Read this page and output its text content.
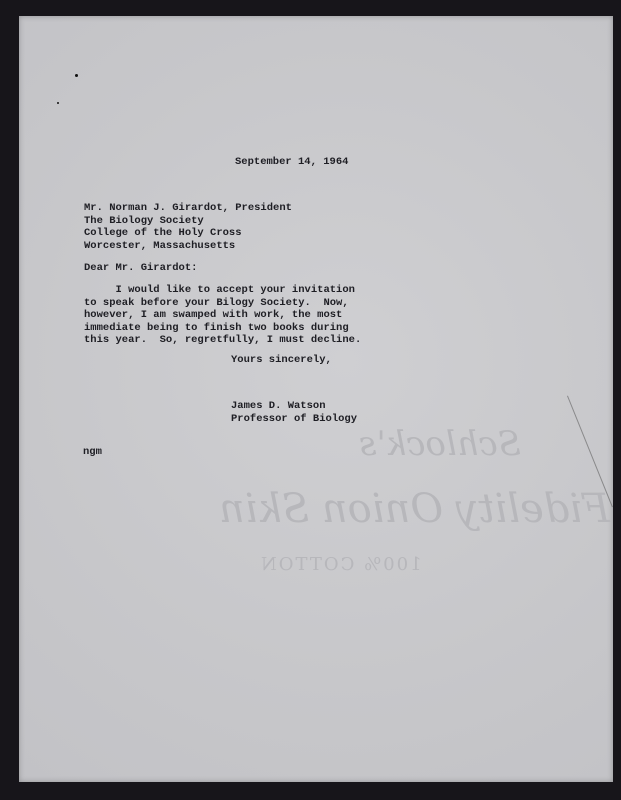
Schlock's
Fidelity Onion Skin
100% COTTON

September 14, 1964

Mr. Norman J. Girardot, President
The Biology Society
College of the Holy Cross
Worcester, Massachusetts

Dear Mr. Girardot:

I would like to accept your invitation
to speak before your Bilogy Society.  Now,
however, I am swamped with work, the most
immediate being to finish two books during
this year.  So, regretfully, I must decline.

Yours sincerely,

James D. Watson
Professor of Biology

ngm
